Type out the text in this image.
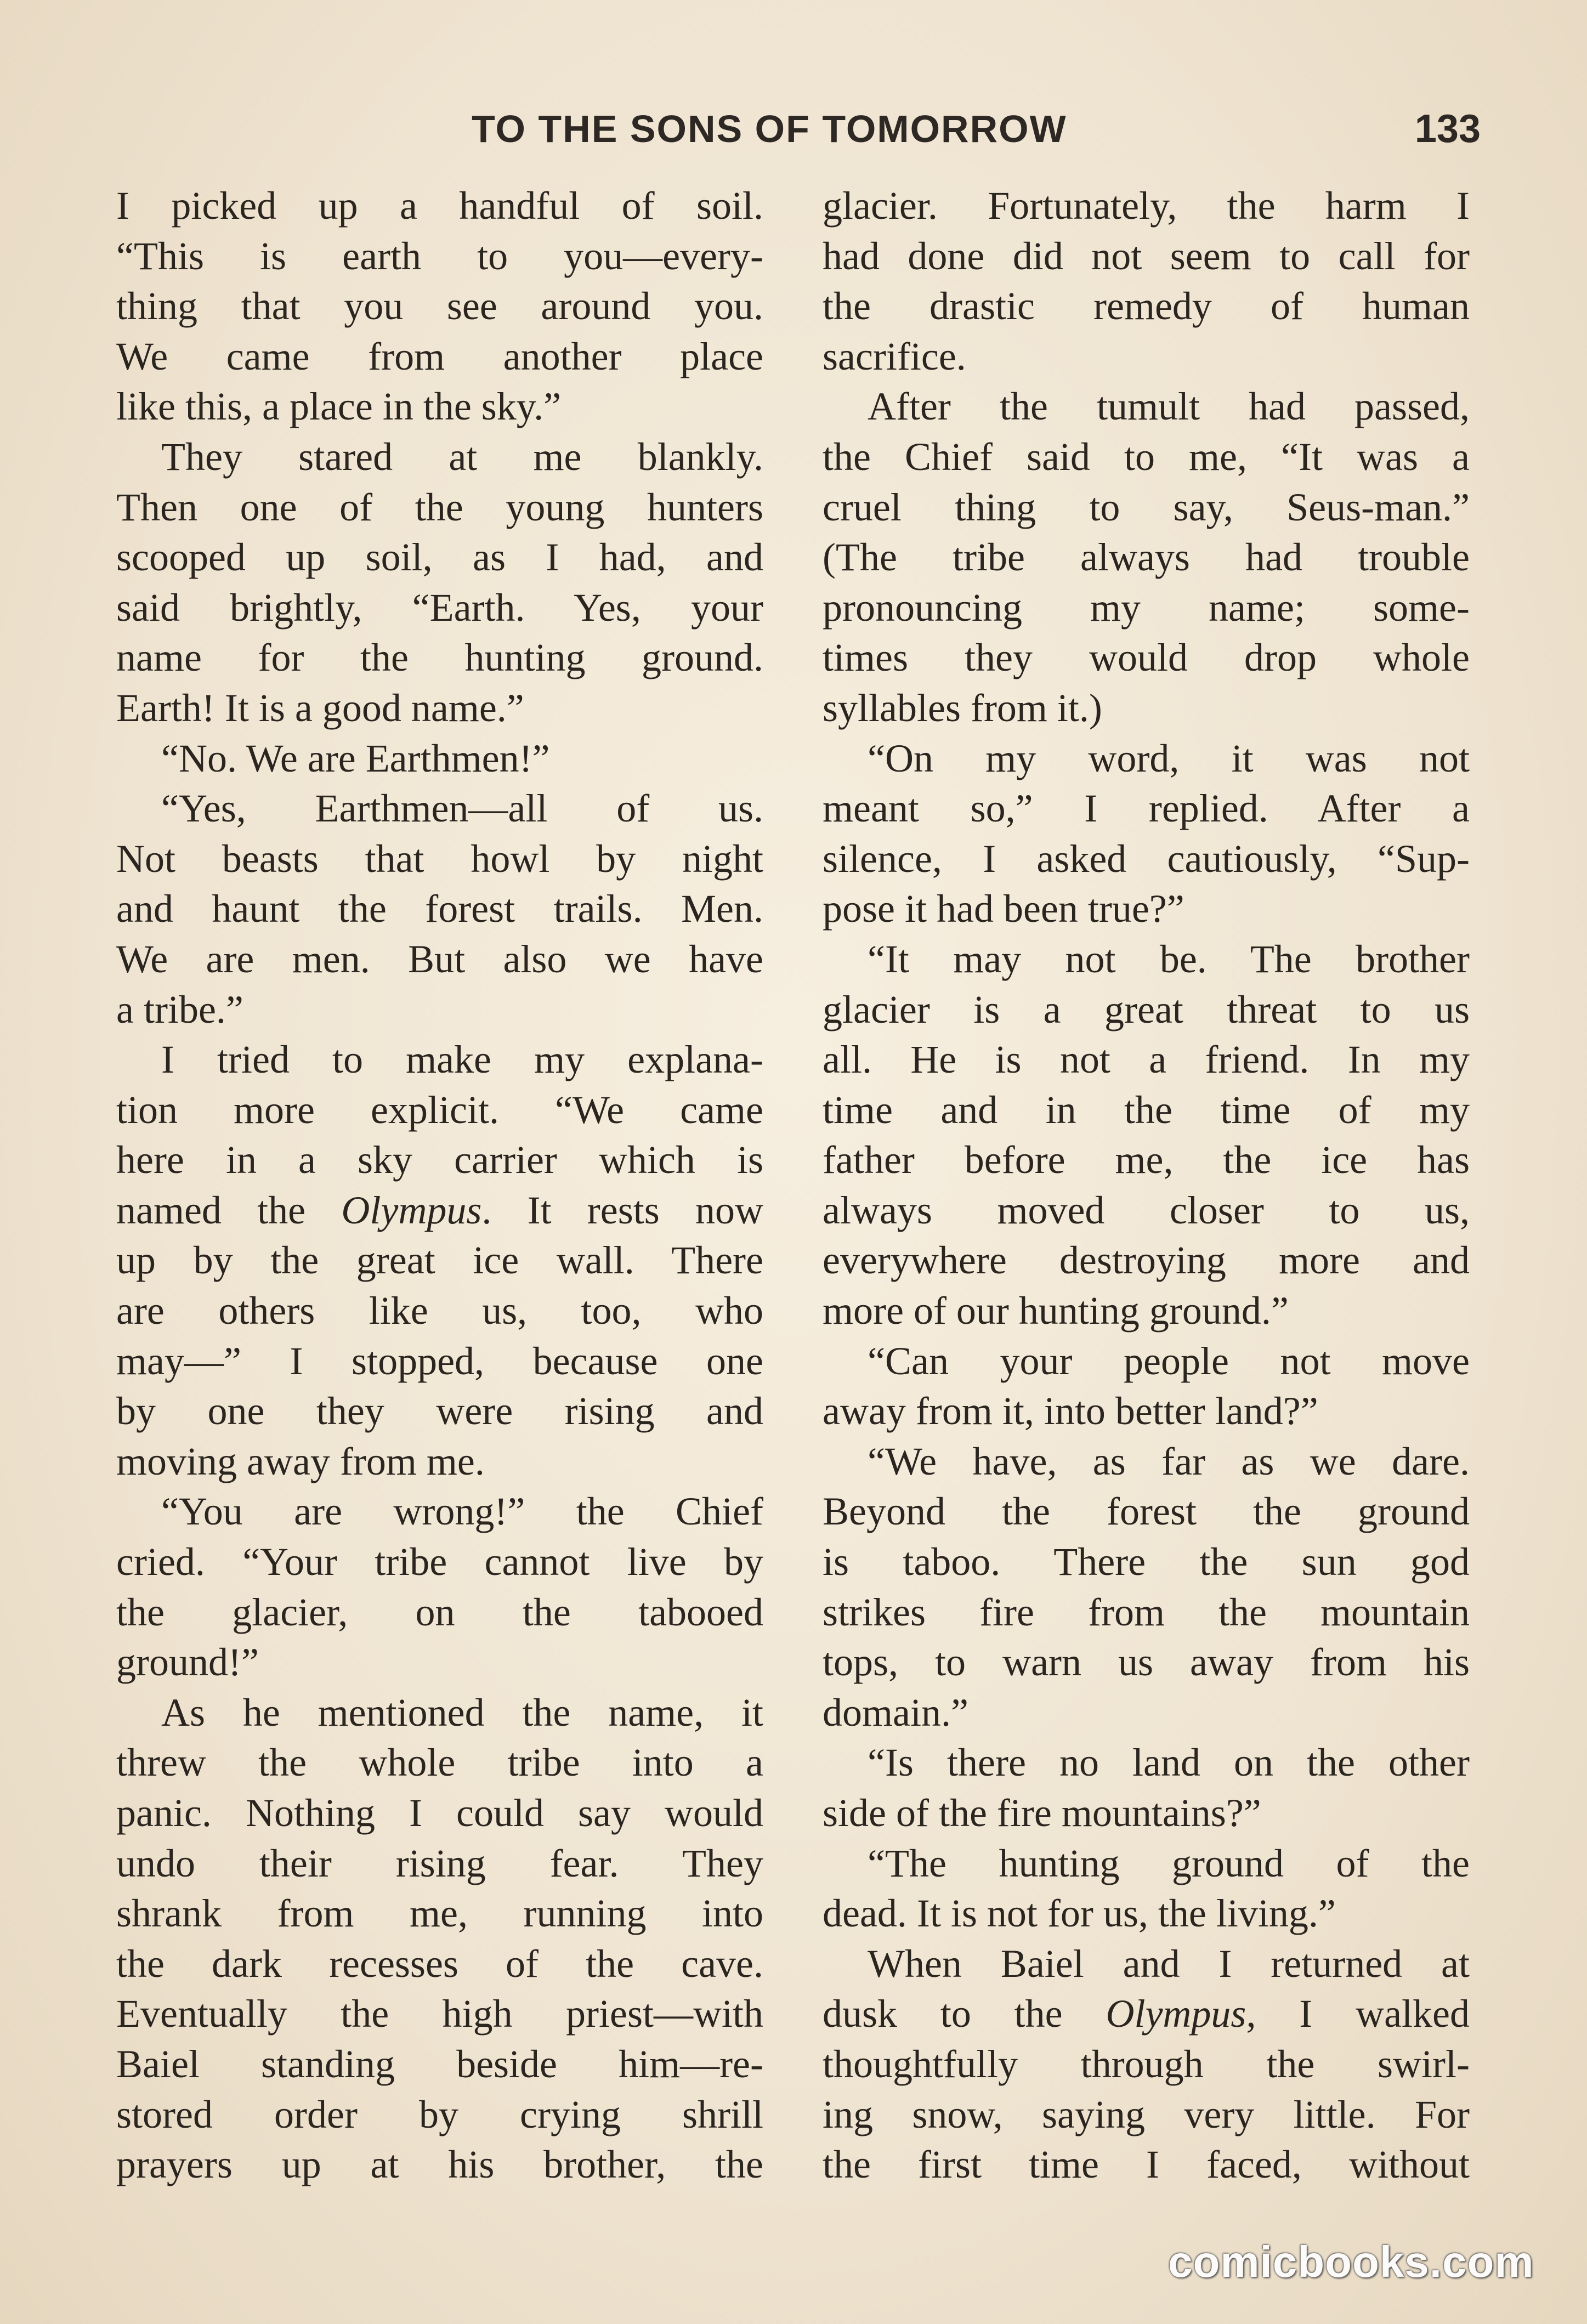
TO THE SONS OF TOMORROW	133
I picked up a handful of soil.
“This is earth to you—every-
thing that you see around you.
We came from another place
like this, a place in the sky.”
They stared at me blankly.
Then one of the young hunters
scooped up soil, as I had, and
said brightly, “Earth. Yes, your
name for the hunting ground.
Earth! It is a good name.”
“No. We are Earthmen!”
“Yes, Earthmen—all of us.
Not beasts that howl by night
and haunt the forest trails. Men.
We are men. But also we have
a tribe.”
I tried to make my explana-
tion more explicit. “We came
here in a sky carrier which is
named the Olympus. It rests now
up by the great ice wall. There
are others like us, too, who
may—” I stopped, because one
by one they were rising and
moving away from me.
“You are wrong!” the Chief
cried. “Your tribe cannot live by
the glacier, on the tabooed
ground!”
As he mentioned the name, it
threw the whole tribe into a
panic. Nothing I could say would
undo their rising fear. They
shrank from me, running into
the dark recesses of the cave.
Eventually the high priest—with
Baiel standing beside him—re-
stored order by crying shrill
prayers up at his brother, the
glacier. Fortunately, the harm I
had done did not seem to call for
the drastic remedy of human
sacrifice.
After the tumult had passed,
the Chief said to me, “It was a
cruel thing to say, Seus-man.”
(The tribe always had trouble
pronouncing my name; some-
times they would drop whole
syllables from it.)
“On my word, it was not
meant so,” I replied. After a
silence, I asked cautiously, “Sup-
pose it had been true?”
“It may not be. The brother
glacier is a great threat to us
all. He is not a friend. In my
time and in the time of my
father before me, the ice has
always moved closer to us,
everywhere destroying more and
more of our hunting ground.”
“Can your people not move
away from it, into better land?”
“We have, as far as we dare.
Beyond the forest the ground
is taboo. There the sun god
strikes fire from the mountain
tops, to warn us away from his
domain.”
“Is there no land on the other
side of the fire mountains?”
“The hunting ground of the
dead. It is not for us, the living.”
When Baiel and I returned at
dusk to the Olympus, I walked
thoughtfully through the swirl-
ing snow, saying very little. For
the first time I faced, without
comicbooks.com
